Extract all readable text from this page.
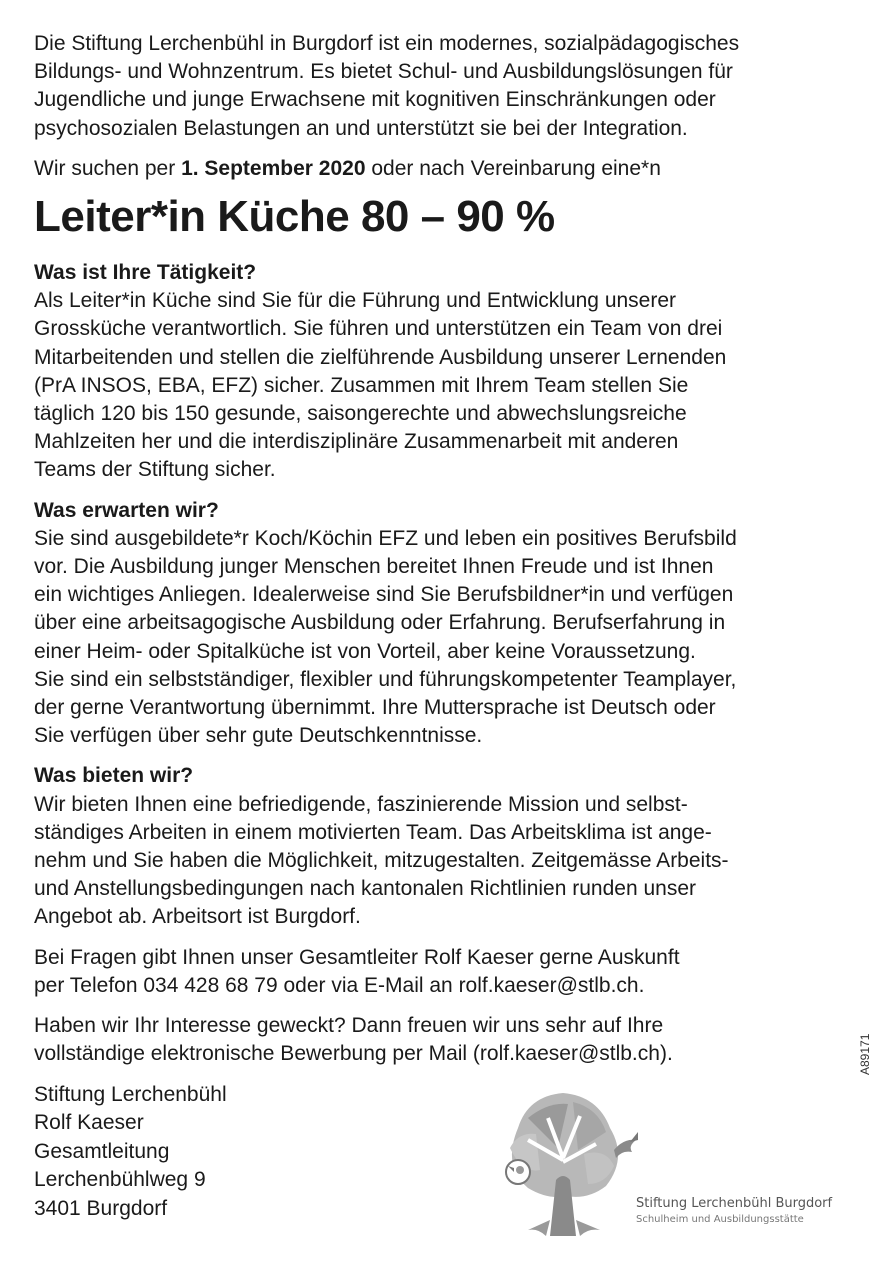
Die Stiftung Lerchenbühl in Burgdorf ist ein modernes, sozialpädagogisches
Bildungs- und Wohnzentrum. Es bietet Schul- und Ausbildungslösungen für
Jugendliche und junge Erwachsene mit kognitiven Einschränkungen oder
psychosozialen Belastungen an und unterstützt sie bei der Integration.

Wir suchen per 1. September 2020 oder nach Vereinbarung eine*n

Leiter*in Küche 80 – 90 %
Was ist Ihre Tätigkeit?

Als Leiter*in Küche sind Sie für die Führung und Entwicklung unserer
Grossküche verantwortlich. Sie führen und unterstützen ein Team von drei
Mitarbeitenden und stellen die zielführende Ausbildung unserer Lernenden
(PrA INSOS, EBA, EFZ) sicher. Zusammen mit Ihrem Team stellen Sie
täglich 120 bis 150 gesunde, saisongerechte und abwechslungsreiche
Mahlzeiten her und die interdisziplinäre Zusammenarbeit mit anderen
Teams der Stiftung sicher.

Was erwarten wir?

Sie sind ausgebildete*r Koch/Köchin EFZ und leben ein positives Berufsbild
vor. Die Ausbildung junger Menschen bereitet Ihnen Freude und ist Ihnen
ein wichtiges Anliegen. Idealerweise sind Sie Berufsbildner*in und verfügen
über eine arbeitsagogische Ausbildung oder Erfahrung. Berufserfahrung in
einer Heim- oder Spitalküche ist von Vorteil, aber keine Voraussetzung.
Sie sind ein selbstständiger, flexibler und führungskompetenter Teamplayer,
der gerne Verantwortung übernimmt. Ihre Muttersprache ist Deutsch oder
Sie verfügen über sehr gute Deutschkenntnisse.

Was bieten wir?

Wir bieten Ihnen eine befriedigende, faszinierende Mission und selbst-
ständiges Arbeiten in einem motivierten Team. Das Arbeitsklima ist ange-
nehm und Sie haben die Möglichkeit, mitzugestalten. Zeitgemässe Arbeits-
und Anstellungsbedingungen nach kantonalen Richtlinien runden unser
Angebot ab. Arbeitsort ist Burgdorf.

Bei Fragen gibt Ihnen unser Gesamtleiter Rolf Kaeser gerne Auskunft
per Telefon 034 428 68 79 oder via E-Mail an rolf.kaeser@stlb.ch.

Haben wir Ihr Interesse geweckt? Dann freuen wir uns sehr auf Ihre
vollständige elektronische Bewerbung per Mail (rolf.kaeser@stlb.ch).

Stiftung Lerchenbühl
Rolf Kaeser
Gesamtleitung
Lerchenbühlweg 9
3401 Burgdorf

A89171
Stiftung Lerchenbühl Burgdorf
Schulheim und Ausbildungsstätte
